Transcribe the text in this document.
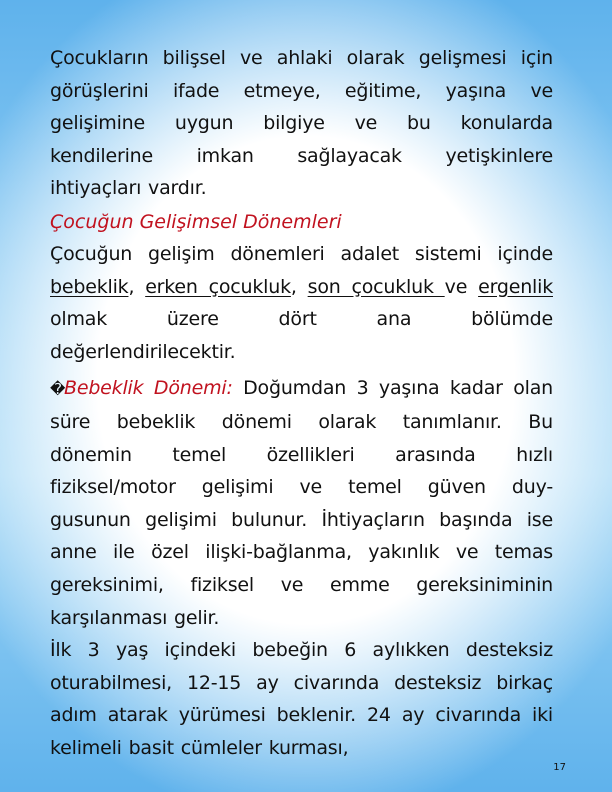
Çocukların bilişsel ve ahlaki olarak gelişmesi için
görüşlerini ifade etmeye, eğitime, yaşına ve
gelişimine uygun bilgiye ve bu konularda
kendilerine imkan sağlayacak yetişkinlere
ihtiyaçları vardır.
Çocuğun Gelişimsel Dönemleri
Çocuğun gelişim dönemleri adalet sistemi içinde
bebeklik, erken çocukluk, son çocukluk ve ergenlik
olmak üzere dört ana bölümde
değerlendirilecektir.
�Bebeklik Dönemi: Doğumdan 3 yaşına kadar olan
süre bebeklik dönemi olarak tanımlanır. Bu
dönemin temel özellikleri arasında hızlı
fiziksel/motor gelişimi ve temel güven duy-
gusunun gelişimi bulunur. İhtiyaçların başında ise
anne ile özel ilişki-bağlanma, yakınlık ve temas
gereksinimi, fiziksel ve emme gereksiniminin
karşılanması gelir.
İlk 3 yaş içindeki bebeğin 6 aylıkken desteksiz
oturabilmesi, 12-15 ay civarında desteksiz birkaç
adım atarak yürümesi beklenir. 24 ay civarında iki
kelimeli basit cümleler kurması,
17
